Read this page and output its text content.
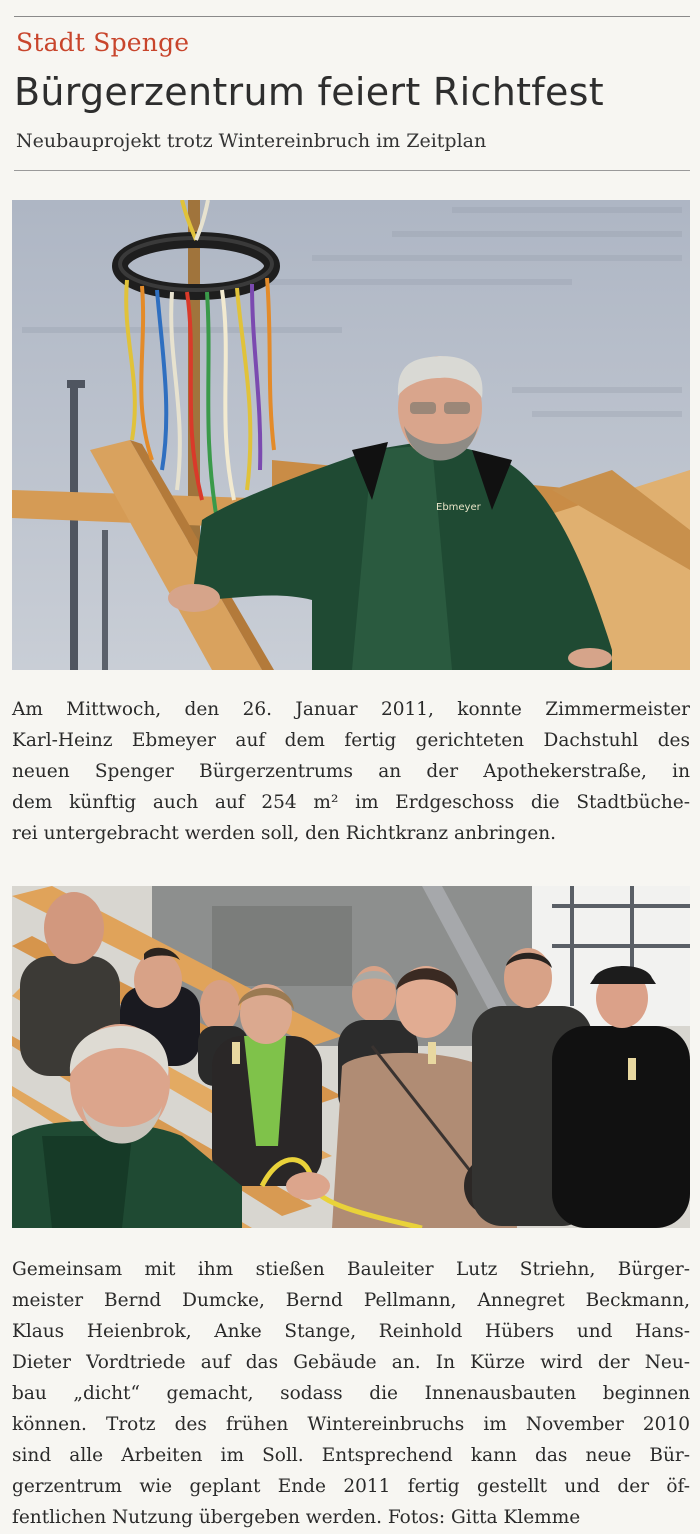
Stadt Spenge
Bürgerzentrum feiert Richtfest
Neubauprojekt trotz Wintereinbruch im Zeitplan
Ebmeyer
Am Mittwoch, den 26. Januar 2011, konnte Zimmermeister
Karl-Heinz Ebmeyer auf dem fertig gerichteten Dachstuhl des
neuen Spenger Bürgerzentrums an der Apothekerstraße, in
dem künftig auch auf 254 m² im Erdgeschoss die Stadtbüche-
rei untergebracht werden soll, den Richtkranz anbringen.
Gemeinsam mit ihm stießen Bauleiter Lutz Striehn, Bürger-
meister Bernd Dumcke, Bernd Pellmann, Annegret Beckmann,
Klaus Heienbrok, Anke Stange, Reinhold Hübers und Hans-
Dieter Vordtriede auf das Gebäude an. In Kürze wird der Neu-
bau „dicht“ gemacht, sodass die Innenausbauten beginnen
können. Trotz des frühen Wintereinbruchs im November 2010
sind alle Arbeiten im Soll. Entsprechend kann das neue Bür-
gerzentrum wie geplant Ende 2011 fertig gestellt und der öf-
fentlichen Nutzung übergeben werden. Fotos: Gitta Klemme
